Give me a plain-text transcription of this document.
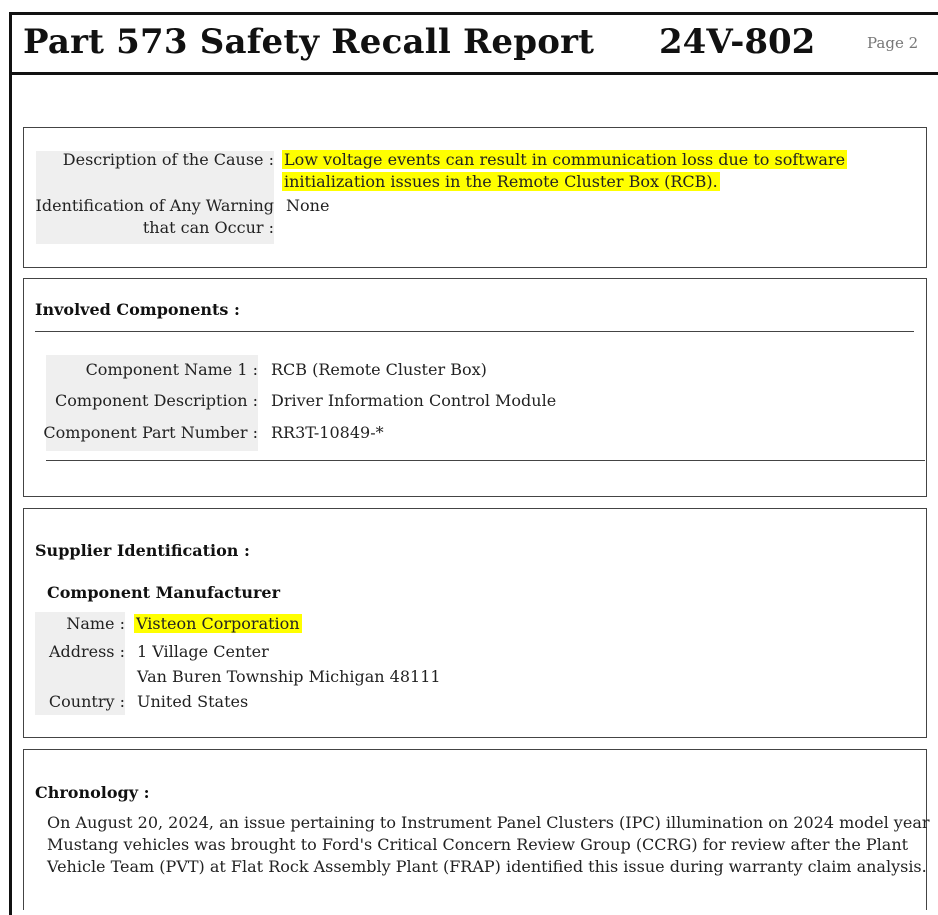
Part 573 Safety Recall Report 24V-802	Page 2
Description of the Cause :
Identification of Any Warning
that can Occur :
Low voltage events can result in communication loss due to software
initialization issues in the Remote Cluster Box (RCB).
None
Involved Components :
Component Name 1 :
Component Description :
Component Part Number :
RCB (Remote Cluster Box)
Driver Information Control Module
RR3T-10849-*
Supplier Identification :
Component Manufacturer
Name :
Address :
Country :
Visteon Corporation
1 Village Center
Van Buren Township Michigan 48111
United States
Chronology :
On August 20, 2024, an issue pertaining to Instrument Panel Clusters (IPC) illumination on 2024 model year
Mustang vehicles was brought to Ford's Critical Concern Review Group (CCRG) for review after the Plant
Vehicle Team (PVT) at Flat Rock Assembly Plant (FRAP) identified this issue during warranty claim analysis.
